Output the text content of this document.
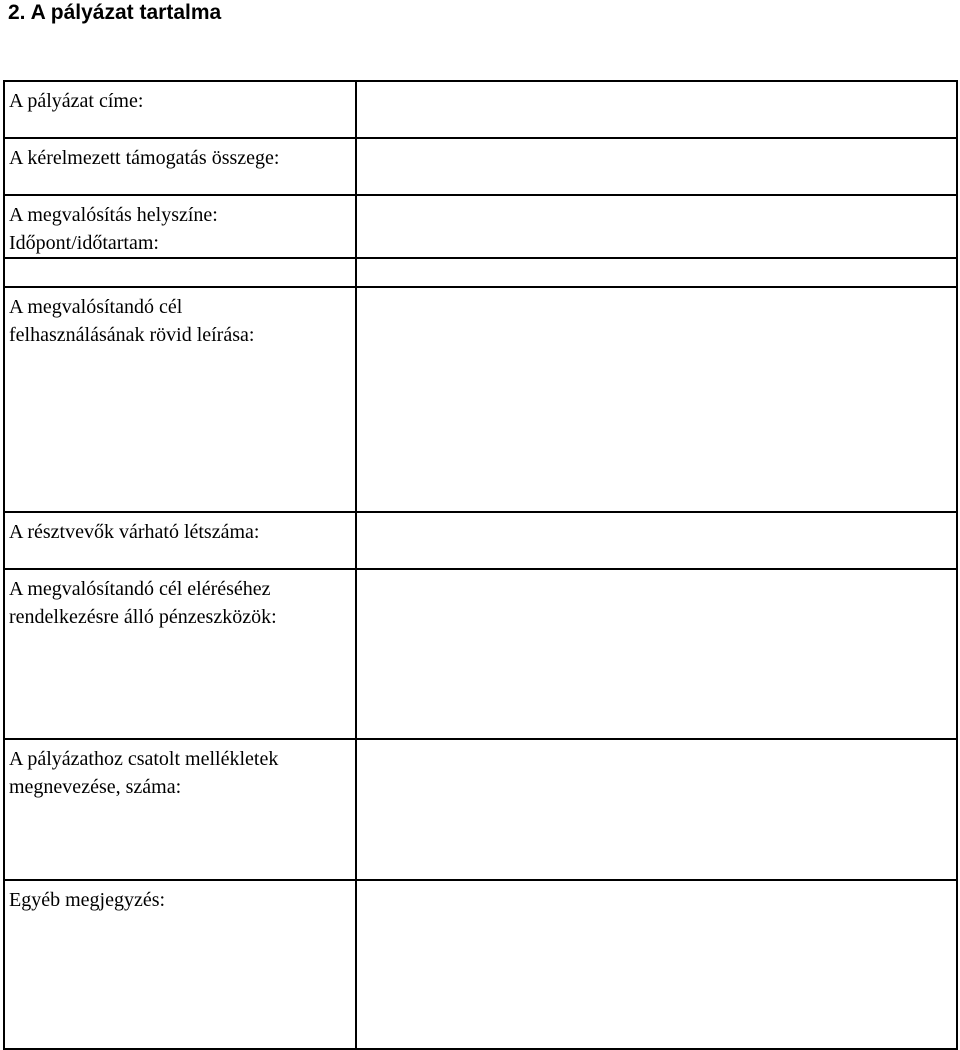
2. A pályázat tartalma
A pályázat címe:	

A kérelmezett támogatás összege:	

A megvalósítás helyszíne:
Időpont/időtartam:	

A megvalósítandó cél
felhasználásának rövid leírása:	

A résztvevők várható létszáma:	

A megvalósítandó cél eléréséhez
rendelkezésre álló pénzeszközök:	

A pályázathoz csatolt mellékletek
megnevezése, száma:	

Egyéb megjegyzés:	
